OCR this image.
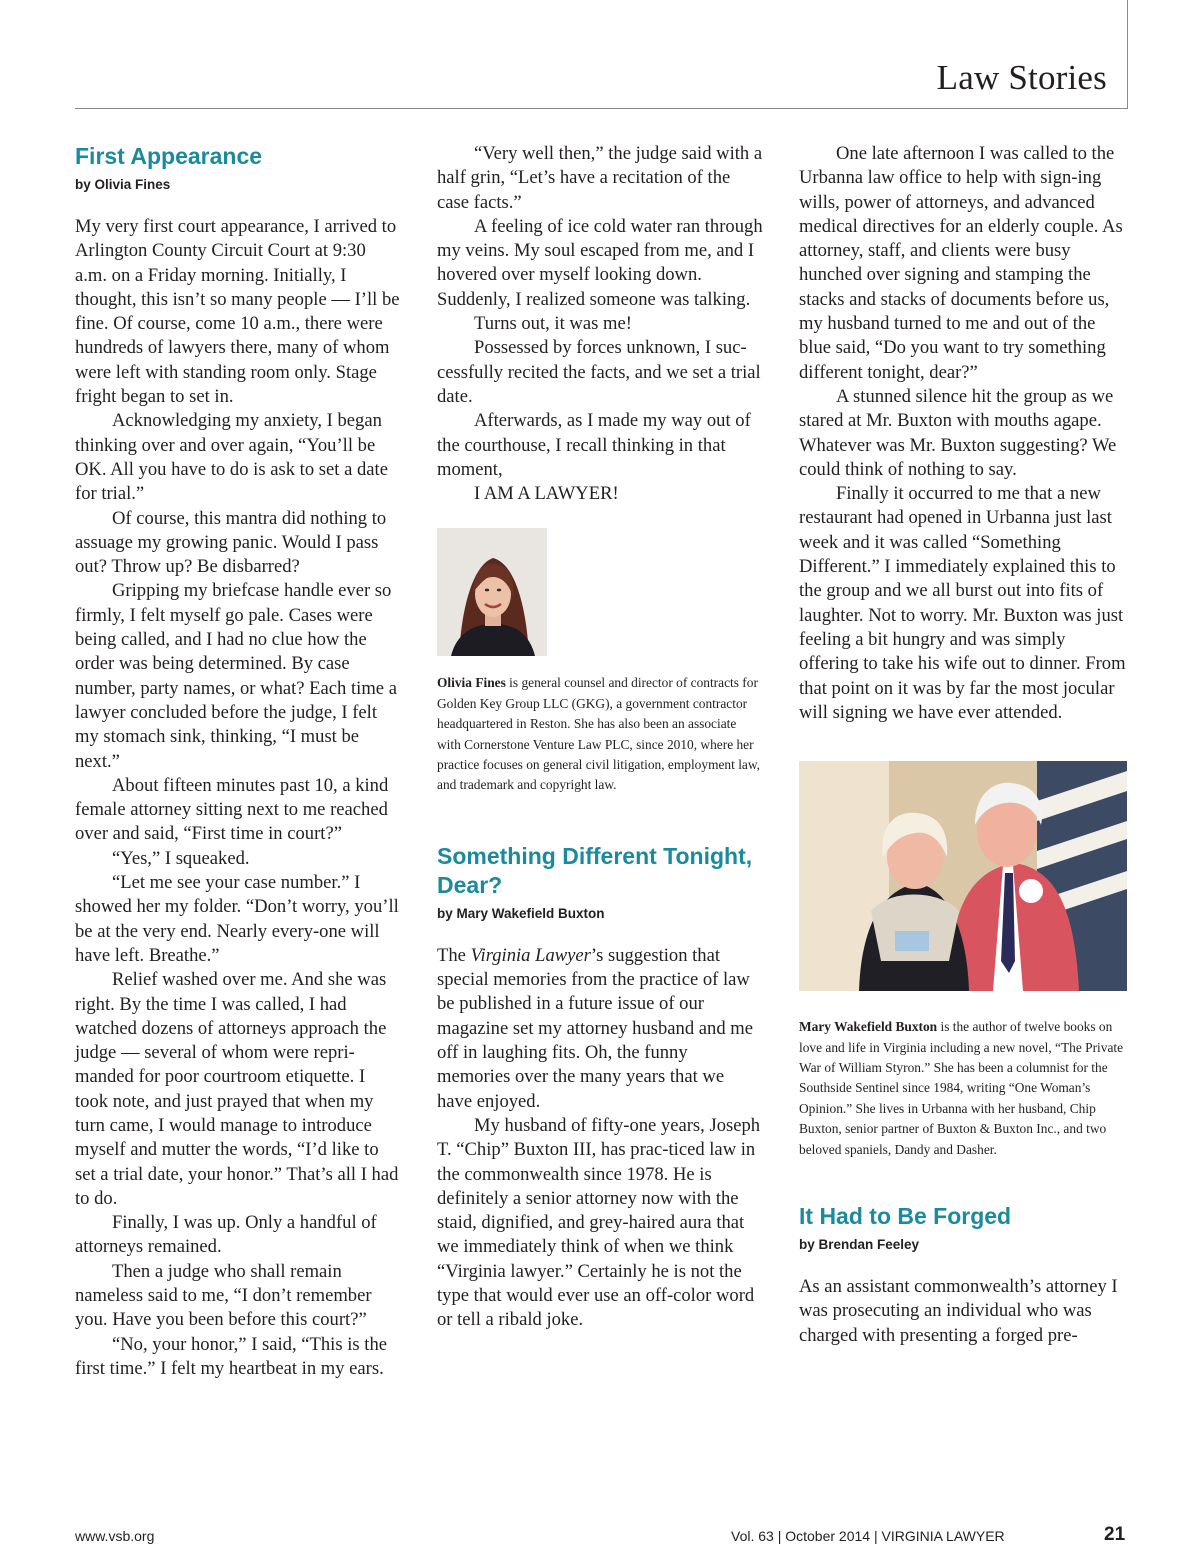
Law Stories
First Appearance

by Olivia Fines

My very first court appearance, I arrived to Arlington County Circuit Court at 9:30 a.m. on a Friday morning. Initially, I thought, this isn’t so many people — I’ll be fine. Of course, come 10 a.m., there were hundreds of lawyers there, many of whom were left with standing room only. Stage fright began to set in.

Acknowledging my anxiety, I began thinking over and over again, “You’ll be OK. All you have to do is ask to set a date for trial.”

Of course, this mantra did nothing to assuage my growing panic. Would I pass out? Throw up? Be disbarred?

Gripping my briefcase handle ever so firmly, I felt myself go pale. Cases were being called, and I had no clue how the order was being determined. By case number, party names, or what? Each time a lawyer concluded before the judge, I felt my stomach sink, thinking, “I must be next.”

About fifteen minutes past 10, a kind female attorney sitting next to me reached over and said, “First time in court?”

“Yes,” I squeaked.

“Let me see your case number.” I showed her my folder. “Don’t worry, you’ll be at the very end. Nearly every-one will have left. Breathe.”

Relief washed over me. And she was right. By the time I was called, I had watched dozens of attorneys approach the judge — several of whom were repri-manded for poor courtroom etiquette. I took note, and just prayed that when my turn came, I would manage to introduce myself and mutter the words, “I’d like to set a trial date, your honor.” That’s all I had to do.

Finally, I was up. Only a handful of attorneys remained.

Then a judge who shall remain nameless said to me, “I don’t remember you. Have you been before this court?”

“No, your honor,” I said, “This is the first time.” I felt my heartbeat in my ears.

“Very well then,” the judge said with a half grin, “Let’s have a recitation of the case facts.”

A feeling of ice cold water ran through my veins. My soul escaped from me, and I hovered over myself looking down. Suddenly, I realized someone was talking.

Turns out, it was me!

Possessed by forces unknown, I suc-cessfully recited the facts, and we set a trial date.

Afterwards, as I made my way out of the courthouse, I recall thinking in that moment,

I AM A LAWYER!

Olivia Fines is general counsel and director of contracts for Golden Key Group LLC (GKG), a government contractor headquartered in Reston. She has also been an associate with Cornerstone Venture Law PLC, since 2010, where her practice focuses on general civil litigation, employment law, and trademark and copyright law.

Something Different Tonight, Dear?

by Mary Wakefield Buxton

The Virginia Lawyer’s suggestion that special memories from the practice of law be published in a future issue of our magazine set my attorney husband and me off in laughing fits. Oh, the funny memories over the many years that we have enjoyed.

My husband of fifty-one years, Joseph T. “Chip” Buxton III, has prac-ticed law in the commonwealth since 1978. He is definitely a senior attorney now with the staid, dignified, and grey-haired aura that we immediately think of when we think “Virginia lawyer.” Certainly he is not the type that would ever use an off-color word or tell a ribald joke.

One late afternoon I was called to the Urbanna law office to help with sign-ing wills, power of attorneys, and advanced medical directives for an elderly couple. As attorney, staff, and clients were busy hunched over signing and stamping the stacks and stacks of documents before us, my husband turned to me and out of the blue said, “Do you want to try something different tonight, dear?”

A stunned silence hit the group as we stared at Mr. Buxton with mouths agape. Whatever was Mr. Buxton suggesting? We could think of nothing to say.

Finally it occurred to me that a new restaurant had opened in Urbanna just last week and it was called “Something Different.” I immediately explained this to the group and we all burst out into fits of laughter. Not to worry. Mr. Buxton was just feeling a bit hungry and was simply offering to take his wife out to dinner. From that point on it was by far the most jocular will signing we have ever attended.

Mary Wakefield Buxton is the author of twelve books on love and life in Virginia including a new novel, “The Private War of William Styron.” She has been a columnist for the Southside Sentinel since 1984, writing “One Woman’s Opinion.” She lives in Urbanna with her husband, Chip Buxton, senior partner of Buxton & Buxton Inc., and two beloved spaniels, Dandy and Dasher.

It Had to Be Forged

by Brendan Feeley

As an assistant commonwealth’s attorney I was prosecuting an individual who was charged with presenting a forged pre-

www.vsb.org	Vol. 63 | October 2014 | VIRGINIA LAWYER	21
